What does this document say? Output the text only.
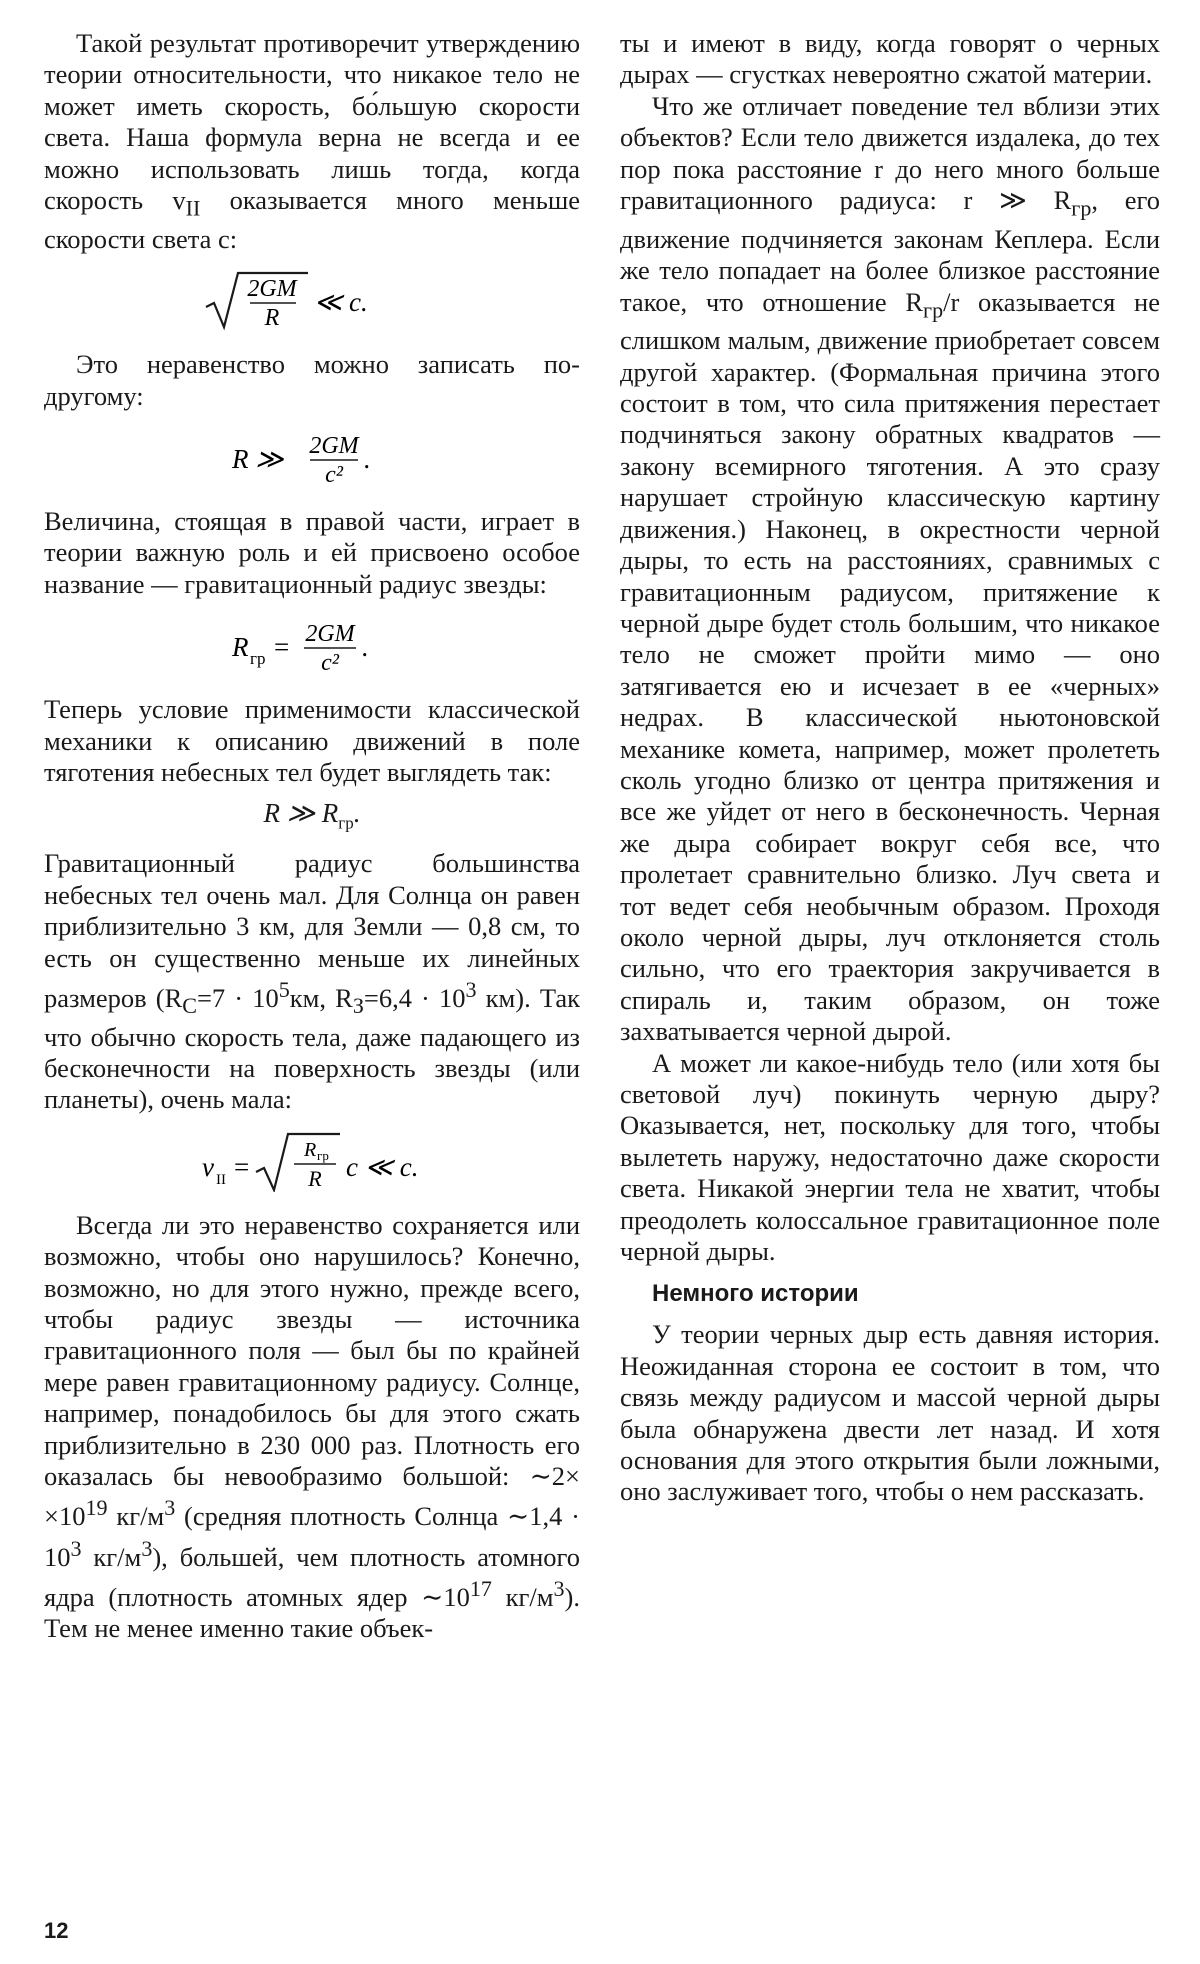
Такой результат противоречит утверждению теории относительности, что никакое тело не может иметь скорость, бо́льшую скорости света. Наша формула верна не всегда и ее можно использовать лишь тогда, когда скорость $v_{II}$ оказывается много меньше скорости света c:

2GM
R
≪ c.

Это неравенство можно записать по-другому:

R ≫ 2GM
c²
.

Величина, стоящая в правой части, играет в теории важную роль и ей присвоено особое название — гравитационный радиус звезды:

R гр = 2GM
c²
.

Теперь условие применимости классической механики к описанию движений в поле тяготения небесных тел будет выглядеть так:

R ≫ $R_{гр}$.

Гравитационный радиус большинства небесных тел очень мал. Для Солнца он равен приблизительно 3 км, для Земли — 0,8 см, то есть он существенно меньше их линейных размеров ($R_С=7 \cdot 10^5км$, $R_З=6,4 \cdot 10^3$ км). Так что обычно скорость тела, даже падающего из бесконечности на поверхность звезды (или планеты), очень мала:

v II =
R гр
R c ≪ c.

Всегда ли это неравенство сохраняется или возможно, чтобы оно нарушилось? Конечно, возможно, но для этого нужно, прежде всего, чтобы радиус звезды — источника гравитационного поля — был бы по крайней мере равен гравитационному радиусу. Солнце, например, понадобилось бы для этого сжать приблизительно в 230 000 раз. Плотность его оказалась бы невообразимо большой: ∼2× $\times 10^{19}$ $кг/м^3$ (средняя плотность Солнца ∼1,4 · $10^3$ $кг/м^3$), большей, чем плотность атомного ядра (плотность атомных ядер $\sim 10^{17}$ $кг/м^3$). Тем не менее именно такие объек-

ты и имеют в виду, когда говорят о черных дырах — сгустках невероятно сжатой материи.

Что же отличает поведение тел вблизи этих объектов? Если тело движется издалека, до тех пор пока расстояние r до него много больше гравитационного радиуса: r ≫ $R_{гр}$, его движение подчиняется законам Кеплера. Если же тело попадает на более близкое расстояние такое, что отношение $R_{гр}/r$ оказывается не слишком малым, движение приобретает совсем другой характер. (Формальная причина этого состоит в том, что сила притяжения перестает подчиняться закону обратных квадратов — закону всемирного тяготения. А это сразу нарушает стройную классическую картину движения.) Наконец, в окрестности черной дыры, то есть на расстояниях, сравнимых с гравитационным радиусом, притяжение к черной дыре будет столь большим, что никакое тело не сможет пройти мимо — оно затягивается ею и исчезает в ее «черных» недрах. В классической ньютоновской механике комета, например, может пролететь сколь угодно близко от центра притяжения и все же уйдет от него в бесконечность. Черная же дыра собирает вокруг себя все, что пролетает сравнительно близко. Луч света и тот ведет себя необычным образом. Проходя около черной дыры, луч отклоняется столь сильно, что его траектория закручивается в спираль и, таким образом, он тоже захватывается черной дырой.

А может ли какое-нибудь тело (или хотя бы световой луч) покинуть черную дыру? Оказывается, нет, поскольку для того, чтобы вылететь наружу, недостаточно даже скорости света. Никакой энергии тела не хватит, чтобы преодолеть колоссальное гравитационное поле черной дыры.

Немного истории

У теории черных дыр есть давняя история. Неожиданная сторона ее состоит в том, что связь между радиусом и массой черной дыры была обнаружена двести лет назад. И хотя основания для этого открытия были ложными, оно заслуживает того, чтобы о нем рассказать.

12
